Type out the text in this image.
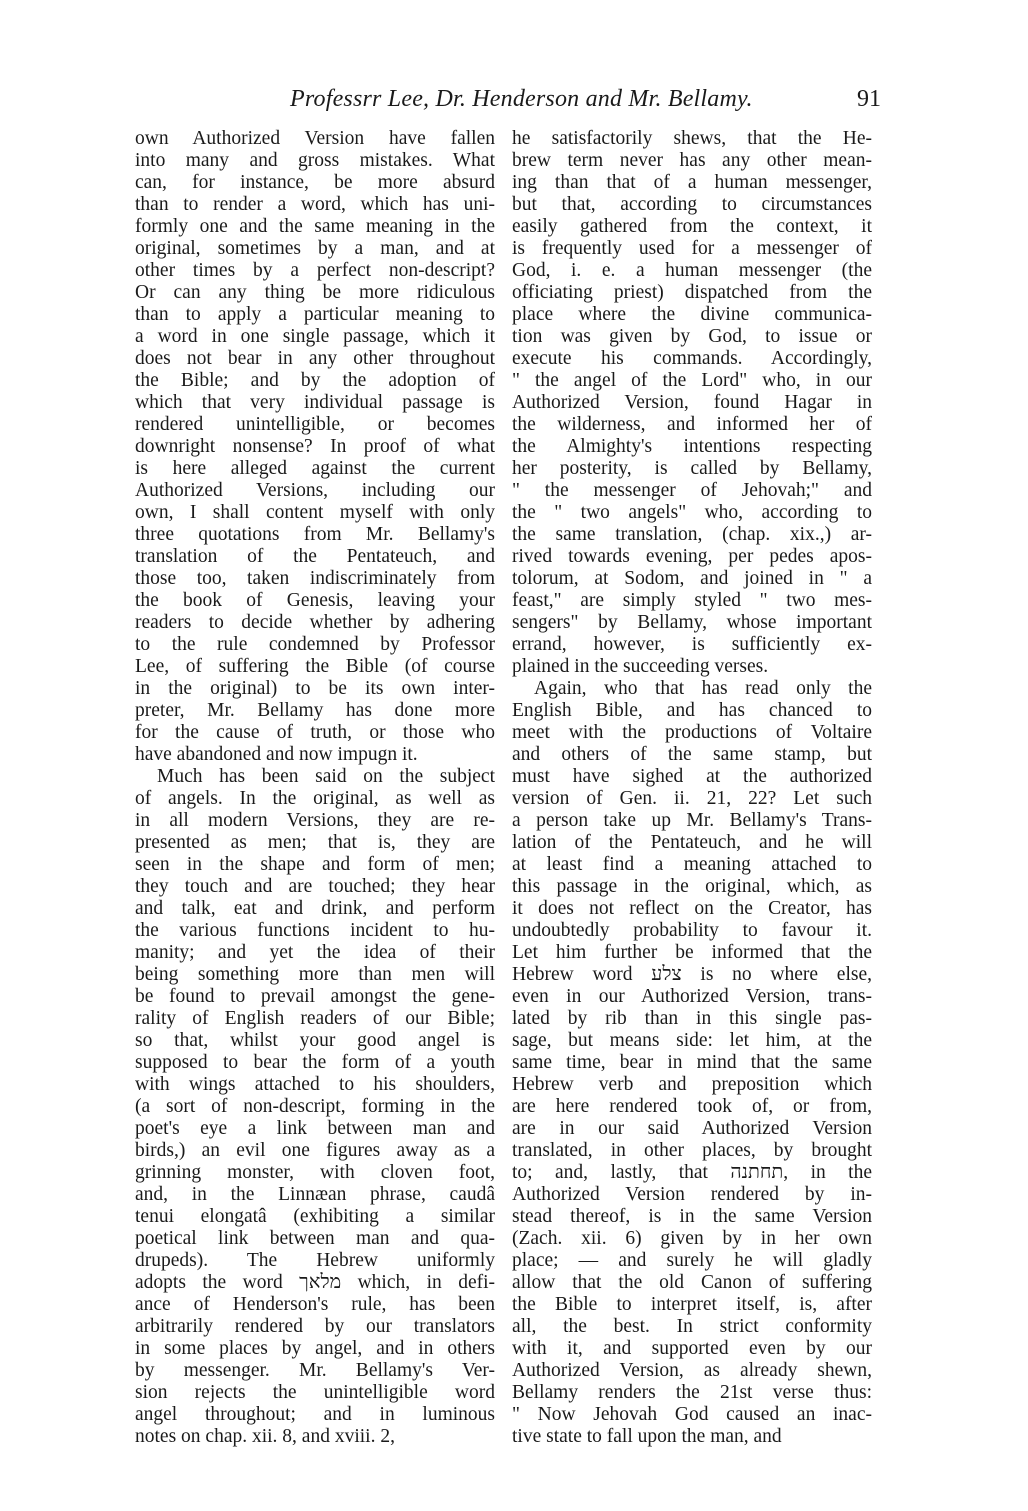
Professrr Lee, Dr. Henderson and Mr. Bellamy.	91
own Authorized Version have fallen
into many and gross mistakes. What
can, for instance, be more absurd
than to render a word, which has uni-
formly one and the same meaning in the
original, sometimes by a man, and at
other times by a perfect non-descript?
Or can any thing be more ridiculous
than to apply a particular meaning to
a word in one single passage, which it
does not bear in any other throughout
the Bible; and by the adoption of
which that very individual passage is
rendered unintelligible, or becomes
downright nonsense? In proof of what
is here alleged against the current
Authorized Versions, including our
own, I shall content myself with only
three quotations from Mr. Bellamy's
translation of the Pentateuch, and
those too, taken indiscriminately from
the book of Genesis, leaving your
readers to decide whether by adhering
to the rule condemned by Professor
Lee, of suffering the Bible (of course
in the original) to be its own inter-
preter, Mr. Bellamy has done more
for the cause of truth, or those who
have abandoned and now impugn it.
Much has been said on the subject
of angels. In the original, as well as
in all modern Versions, they are re-
presented as men; that is, they are
seen in the shape and form of men;
they touch and are touched; they hear
and talk, eat and drink, and perform
the various functions incident to hu-
manity; and yet the idea of their
being something more than men will
be found to prevail amongst the gene-
rality of English readers of our Bible;
so that, whilst your good angel is
supposed to bear the form of a youth
with wings attached to his shoulders,
(a sort of non-descript, forming in the
poet's eye a link between man and
birds,) an evil one figures away as a
grinning monster, with cloven foot,
and, in the Linnæan phrase, caudâ
tenui elongatâ (exhibiting a similar
poetical link between man and qua-
drupeds). The Hebrew uniformly
adopts the word מלאך which, in defi-
ance of Henderson's rule, has been
arbitrarily rendered by our translators
in some places by angel, and in others
by messenger. Mr. Bellamy's Ver-
sion rejects the unintelligible word
angel throughout; and in luminous
notes on chap. xii. 8, and xviii. 2,
he satisfactorily shews, that the He-
brew term never has any other mean-
ing than that of a human messenger,
but that, according to circumstances
easily gathered from the context, it
is frequently used for a messenger of
God, i. e. a human messenger (the
officiating priest) dispatched from the
place where the divine communica-
tion was given by God, to issue or
execute his commands. Accordingly,
" the angel of the Lord" who, in our
Authorized Version, found Hagar in
the wilderness, and informed her of
the Almighty's intentions respecting
her posterity, is called by Bellamy,
" the messenger of Jehovah;" and
the " two angels" who, according to
the same translation, (chap. xix.,) ar-
rived towards evening, per pedes apos-
tolorum, at Sodom, and joined in " a
feast," are simply styled " two mes-
sengers" by Bellamy, whose important
errand, however, is sufficiently ex-
plained in the succeeding verses.
Again, who that has read only the
English Bible, and has chanced to
meet with the productions of Voltaire
and others of the same stamp, but
must have sighed at the authorized
version of Gen. ii. 21, 22? Let such
a person take up Mr. Bellamy's Trans-
lation of the Pentateuch, and he will
at least find a meaning attached to
this passage in the original, which, as
it does not reflect on the Creator, has
undoubtedly probability to favour it.
Let him further be informed that the
Hebrew word צלע is no where else,
even in our Authorized Version, trans-
lated by rib than in this single pas-
sage, but means side: let him, at the
same time, bear in mind that the same
Hebrew verb and preposition which
are here rendered took of, or from,
are in our said Authorized Version
translated, in other places, by brought
to; and, lastly, that תחתנה, in the
Authorized Version rendered by in-
stead thereof, is in the same Version
(Zach. xii. 6) given by in her own
place; — and surely he will gladly
allow that the old Canon of suffering
the Bible to interpret itself, is, after
all, the best. In strict conformity
with it, and supported even by our
Authorized Version, as already shewn,
Bellamy renders the 21st verse thus:
" Now Jehovah God caused an inac-
tive state to fall upon the man, and
